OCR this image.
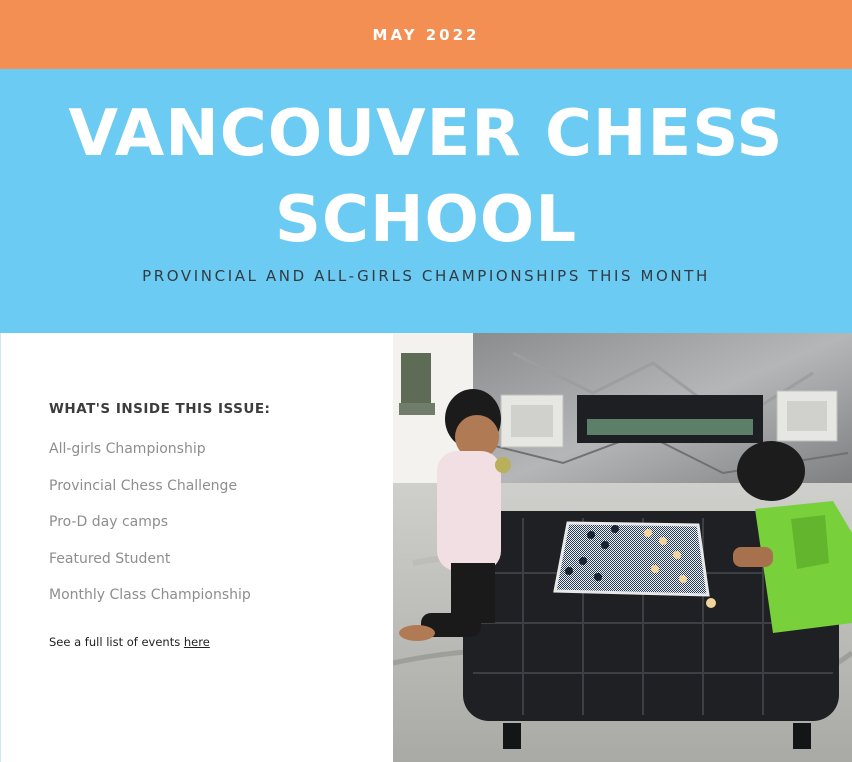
MAY 2022
VANCOUVER CHESS
SCHOOL
PROVINCIAL AND ALL-GIRLS CHAMPIONSHIPS THIS MONTH
WHAT'S INSIDE THIS ISSUE:
All-girls Championship
Provincial Chess Challenge
Pro-D day camps
Featured Student
Monthly Class Championship
See a full list of events here
